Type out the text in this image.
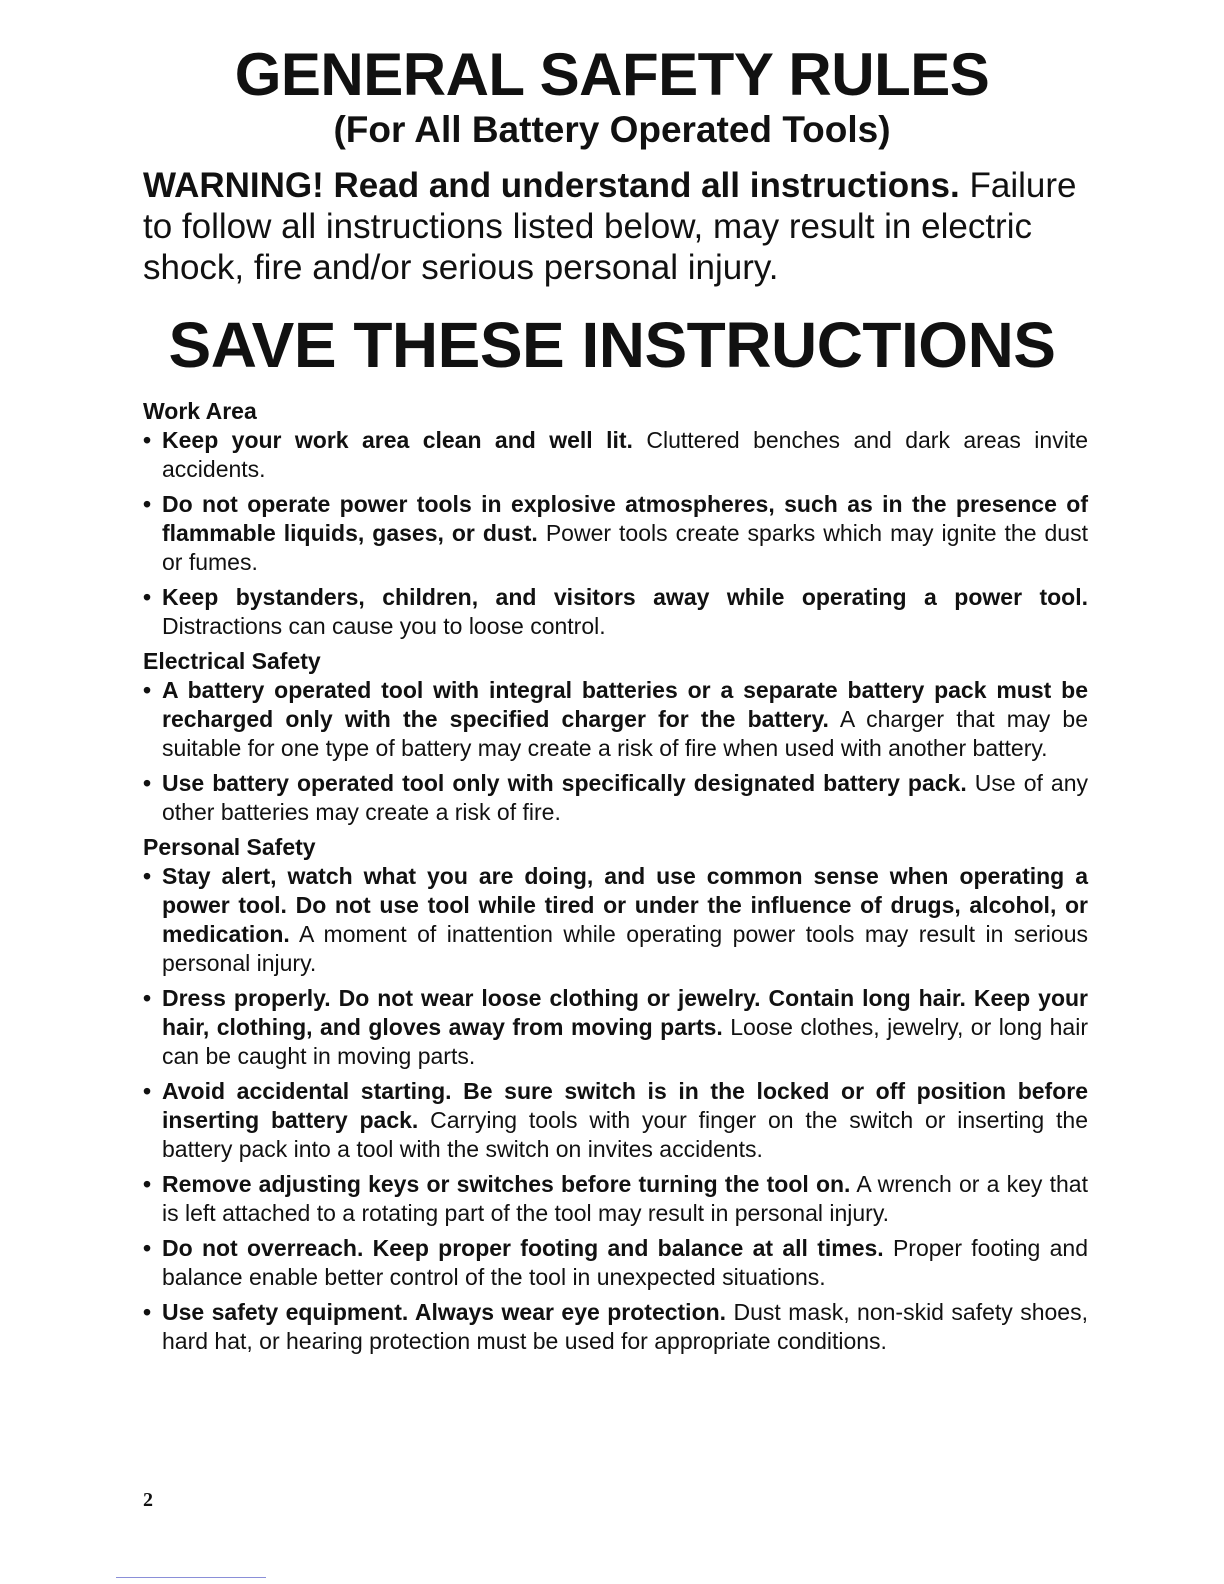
GENERAL SAFETY RULES
(For All Battery Operated Tools)

WARNING! Read and understand all instructions. Failure to follow all instructions listed below, may result in electric shock, fire and/or serious personal injury.

SAVE THESE INSTRUCTIONS
Work Area

• Keep your work area clean and well lit. Cluttered benches and dark areas invite accidents.

• Do not operate power tools in explosive atmospheres, such as in the presence of flammable liquids, gases, or dust. Power tools create sparks which may ignite the dust or fumes.

• Keep bystanders, children, and visitors away while operating a power tool. Distractions can cause you to loose control.

Electrical Safety

• A battery operated tool with integral batteries or a separate battery pack must be recharged only with the specified charger for the battery. A charger that may be suitable for one type of battery may create a risk of fire when used with another battery.

• Use battery operated tool only with specifically designated battery pack. Use of any other batteries may create a risk of fire.

Personal Safety

• Stay alert, watch what you are doing, and use common sense when operating a power tool. Do not use tool while tired or under the influence of drugs, alcohol, or medication. A moment of inattention while operating power tools may result in serious personal injury.

• Dress properly. Do not wear loose clothing or jewelry. Contain long hair. Keep your hair, clothing, and gloves away from moving parts. Loose clothes, jewelry, or long hair can be caught in moving parts.

• Avoid accidental starting. Be sure switch is in the locked or off position before inserting battery pack. Carrying tools with your finger on the switch or inserting the battery pack into a tool with the switch on invites accidents.

• Remove adjusting keys or switches before turning the tool on. A wrench or a key that is left attached to a rotating part of the tool may result in personal injury.

• Do not overreach. Keep proper footing and balance at all times. Proper footing and balance enable better control of the tool in unexpected situations.

• Use safety equipment. Always wear eye protection. Dust mask, non-skid safety shoes, hard hat, or hearing protection must be used for appropriate conditions.

2
